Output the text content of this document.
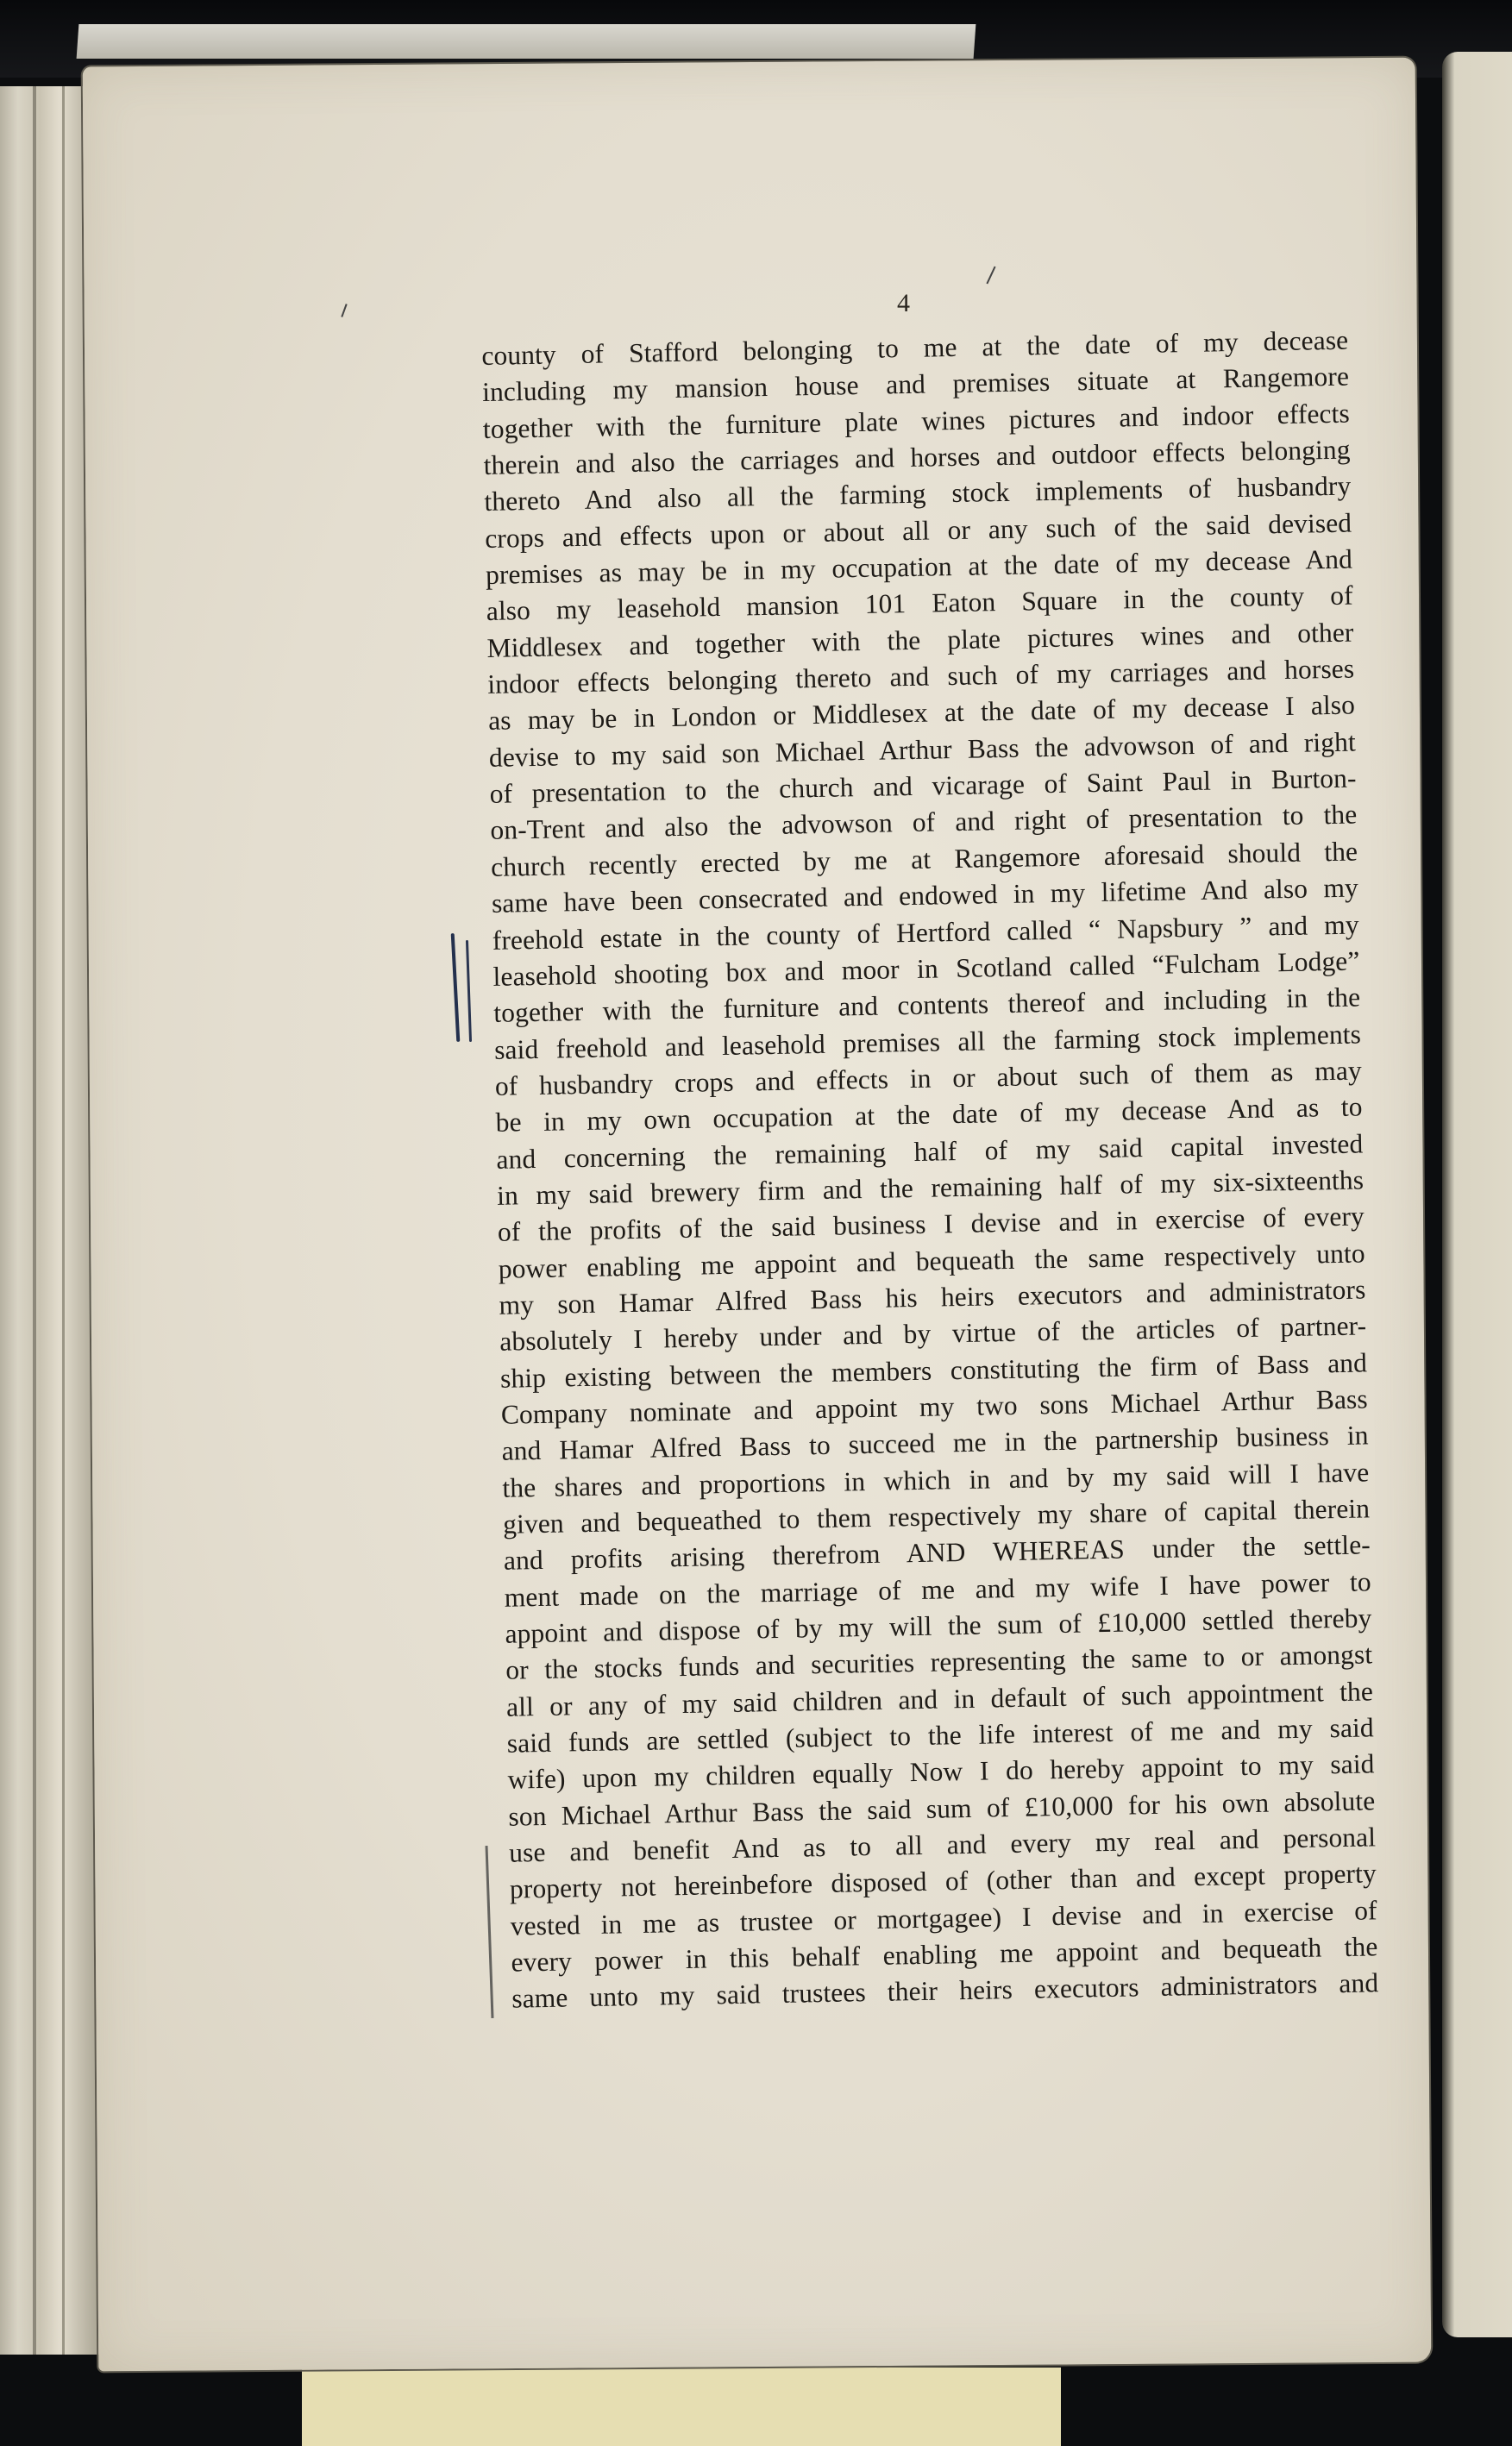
4
county of Stafford belonging to me at the date of my decease
including my mansion house and premises situate at Rangemore
together with the furniture plate wines pictures and indoor effects
therein and also the carriages and horses and outdoor effects belonging
thereto And also all the farming stock implements of husbandry
crops and effects upon or about all or any such of the said devised
premises as may be in my occupation at the date of my decease And
also my leasehold mansion 101 Eaton Square in the county of
Middlesex and together with the plate pictures wines and other
indoor effects belonging thereto and such of my carriages and horses
as may be in London or Middlesex at the date of my decease I also
devise to my said son Michael Arthur Bass the advowson of and right
of presentation to the church and vicarage of Saint Paul in Burton-
on-Trent and also the advowson of and right of presentation to the
church recently erected by me at Rangemore aforesaid should the
same have been consecrated and endowed in my lifetime And also my
freehold estate in the county of Hertford called “ Napsbury ” and my
leasehold shooting box and moor in Scotland called “Fulcham Lodge”
together with the furniture and contents thereof and including in the
said freehold and leasehold premises all the farming stock implements
of husbandry crops and effects in or about such of them as may
be in my own occupation at the date of my decease And as to
and concerning the remaining half of my said capital invested
in my said brewery firm and the remaining half of my six-sixteenths
of the profits of the said business I devise and in exercise of every
power enabling me appoint and bequeath the same respectively unto
my son Hamar Alfred Bass his heirs executors and administrators
absolutely I hereby under and by virtue of the articles of partner-
ship existing between the members constituting the firm of Bass and
Company nominate and appoint my two sons Michael Arthur Bass
and Hamar Alfred Bass to succeed me in the partnership business in
the shares and proportions in which in and by my said will I have
given and bequeathed to them respectively my share of capital therein
and profits arising therefrom AND WHEREAS under the settle-
ment made on the marriage of me and my wife I have power to
appoint and dispose of by my will the sum of £10,000 settled thereby
or the stocks funds and securities representing the same to or amongst
all or any of my said children and in default of such appointment the
said funds are settled (subject to the life interest of me and my said
wife) upon my children equally Now I do hereby appoint to my said
son Michael Arthur Bass the said sum of £10,000 for his own absolute
use and benefit And as to all and every my real and personal
property not hereinbefore disposed of (other than and except property
vested in me as trustee or mortgagee) I devise and in exercise of
every power in this behalf enabling me appoint and bequeath the
same unto my said trustees their heirs executors administrators and
